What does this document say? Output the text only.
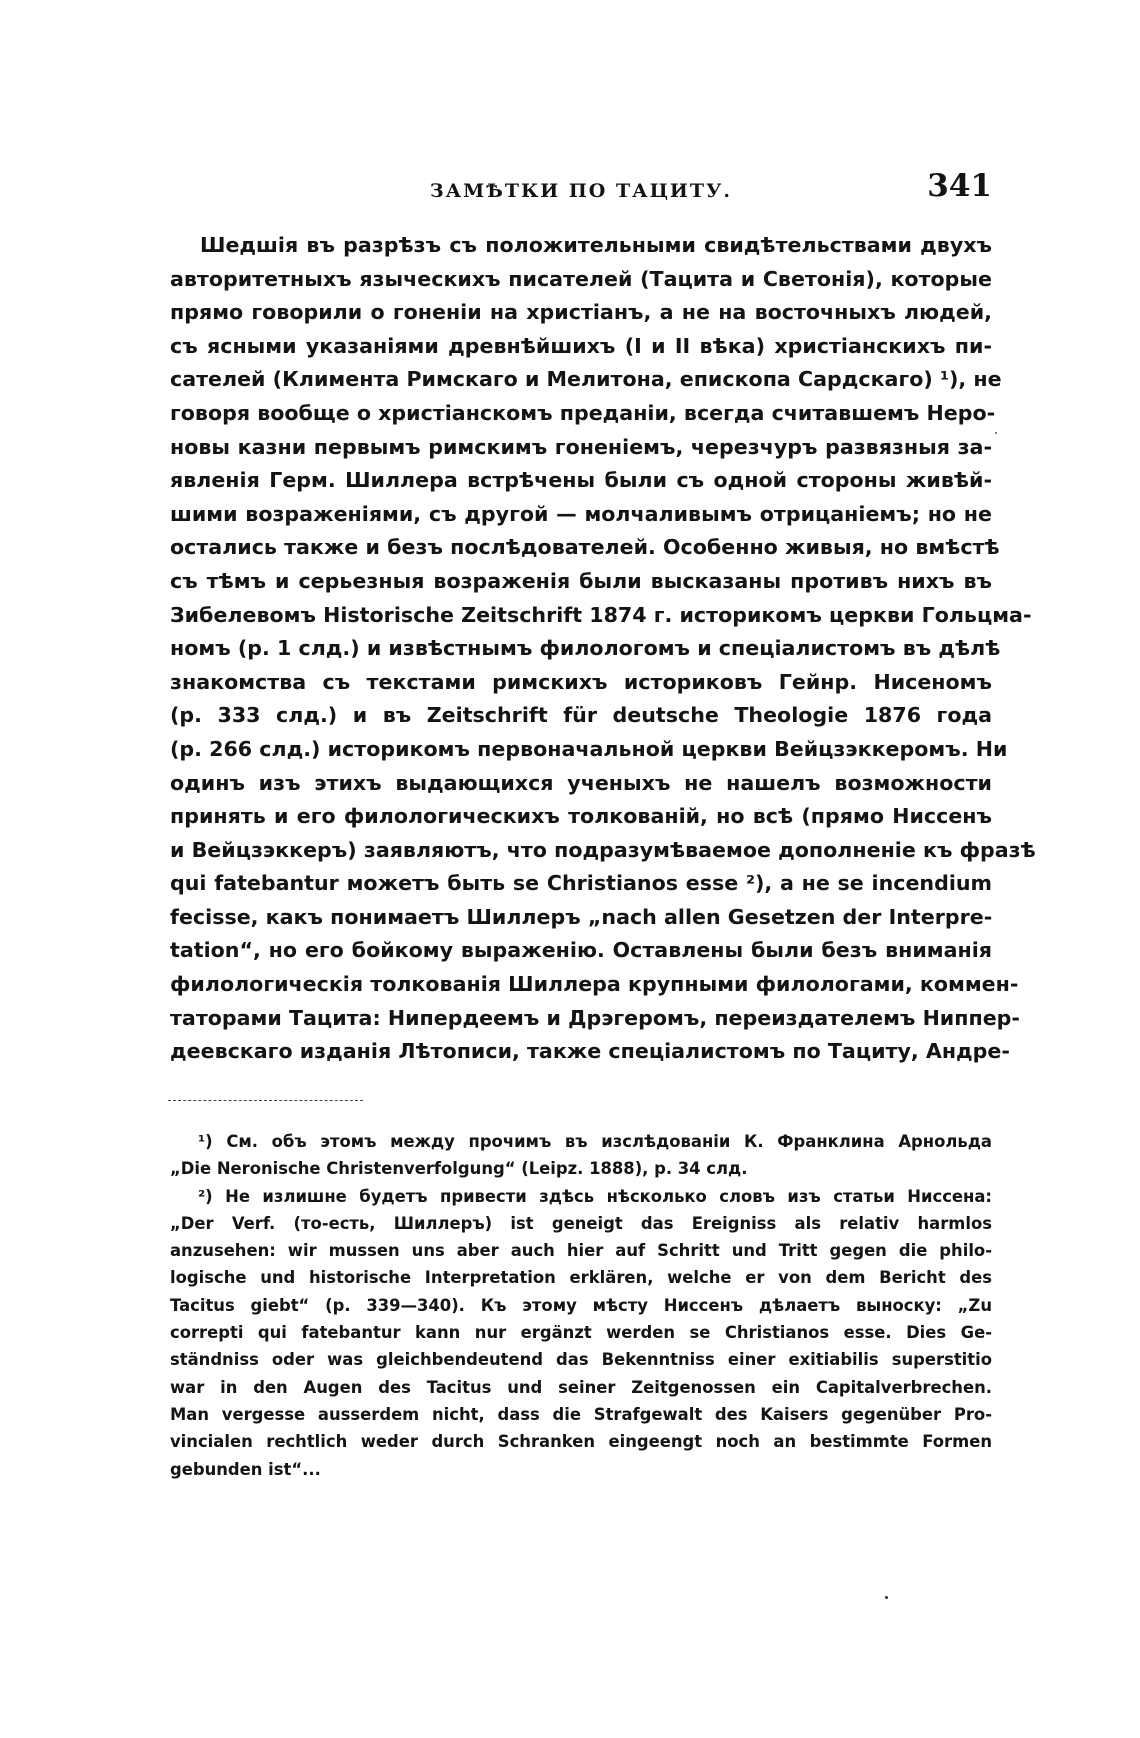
ЗАМѢТКИ ПО ТАЦИТУ.	341
Шедшія въ разрѣзъ съ положительными свидѣтельствами двухъ
авторитетныхъ языческихъ писателей (Тацита и Светонія), которые
прямо говорили о гоненіи на христіанъ, а не на восточныхъ людей,
съ ясными указаніями древнѣйшихъ (I и II вѣка) христіанскихъ пи-
сателей (Климента Римскаго и Мелитона, епископа Сардскаго) ¹), не
говоря вообще о христіанскомъ преданіи, всегда считавшемъ Неро-
новы казни первымъ римскимъ гоненіемъ, черезчуръ развязныя за-
явленія Герм. Шиллера встрѣчены были съ одной стороны живѣй-
шими возраженіями, съ другой — молчаливымъ отрицаніемъ; но не
остались также и безъ послѣдователей. Особенно живыя, но вмѣстѣ
съ тѣмъ и серьезныя возраженія были высказаны противъ нихъ въ
Зибелевомъ Historische Zeitschrift 1874 г. историкомъ церкви Гольцма-
номъ (р. 1 слд.) и извѣстнымъ филологомъ и спеціалистомъ въ дѣлѣ
знакомства съ текстами римскихъ историковъ Гейнр. Нисеномъ
(р. 333 слд.) и въ Zeitschrift für deutsche Theologie 1876 года
(р. 266 слд.) историкомъ первоначальной церкви Вейцзэккеромъ. Ни
одинъ изъ этихъ выдающихся ученыхъ не нашелъ возможности
принять и его филологическихъ толкованій, но всѣ (прямо Ниссенъ
и Вейцзэккеръ) заявляютъ, что подразумѣваемое дополненіе къ фразѣ
qui fatebantur можетъ быть se Christianos esse ²), а не se incendium
fecisse, какъ понимаетъ Шиллеръ „nach allen Gesetzen der Interpre-
tation“, но его бойкому выраженію. Оставлены были безъ вниманія
филологическія толкованія Шиллера крупными филологами, коммен-
таторами Тацита: Нипердеемъ и Дрэгеромъ, переиздателемъ Ниппер-
деевскаго изданія Лѣтописи, также спеціалистомъ по Тациту, Андре-
¹) См. объ этомъ между прочимъ въ изслѣдованіи К. Франклина Арнольда
„Die Neronische Christenverfolgung“ (Leipz. 1888), р. 34 слд.
²) Не излишне будетъ привести здѣсь нѣсколько словъ изъ статьи Ниссена:
„Der Verf. (то-есть, Шиллеръ) ist geneigt das Ereigniss als relativ harmlos
anzusehen: wir mussen uns aber auch hier auf Schritt und Tritt gegen die philo-
logische und historische Interpretation erklären, welche er von dem Bericht des
Tacitus giebt“ (р. 339—340). Къ этому мѣсту Ниссенъ дѣлаетъ выноску: „Zu
correpti qui fatebantur kann nur ergänzt werden se Christianos esse. Dies Ge-
ständniss oder was gleichbendeutend das Bekenntniss einer exitiabilis superstitio
war in den Augen des Tacitus und seiner Zeitgenossen ein Capitalverbrechen.
Man vergesse ausserdem nicht, dass die Strafgewalt des Kaisers gegenüber Pro-
vincialen rechtlich weder durch Schranken eingeengt noch an bestimmte Formen
gebunden ist“...
